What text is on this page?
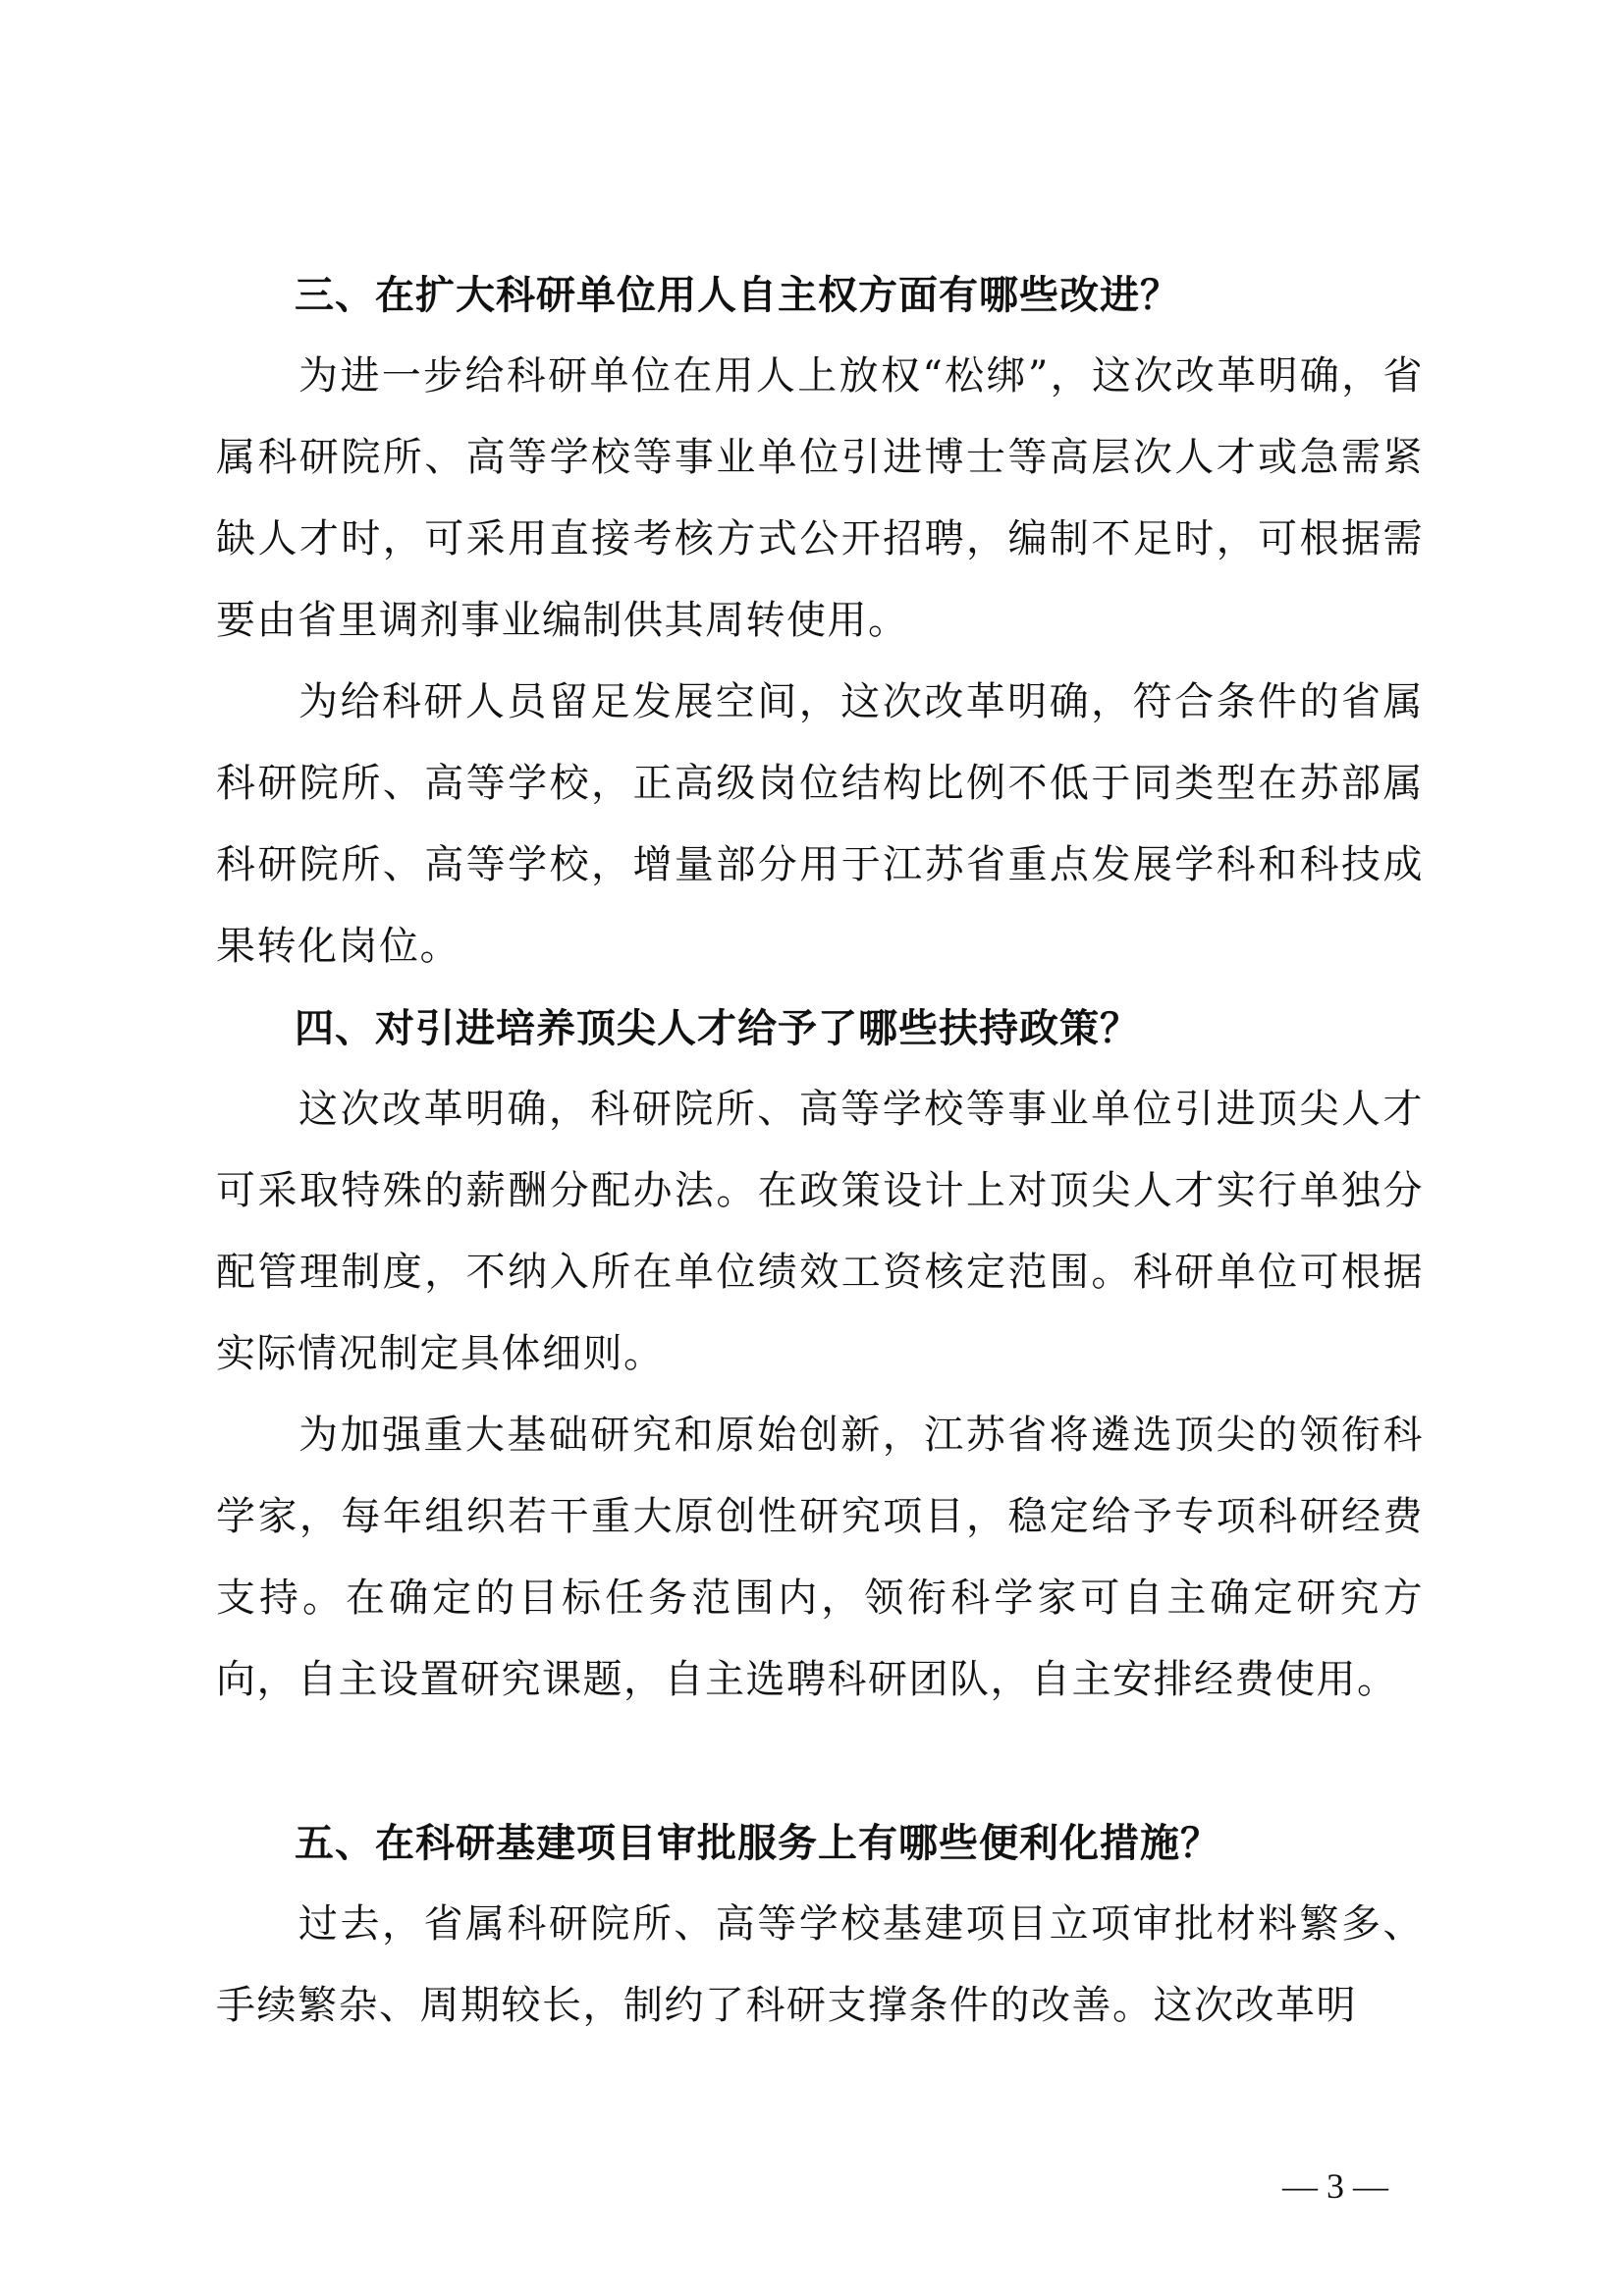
三、在扩大科研单位用人自主权方面有哪些改进？

为进一步给科研单位在用人上放权“松绑”，这次改革明确，省属科研院所、高等学校等事业单位引进博士等高层次人才或急需紧缺人才时，可采用直接考核方式公开招聘，编制不足时，可根据需要由省里调剂事业编制供其周转使用。

为给科研人员留足发展空间，这次改革明确，符合条件的省属科研院所、高等学校，正高级岗位结构比例不低于同类型在苏部属科研院所、高等学校，增量部分用于江苏省重点发展学科和科技成果转化岗位。

四、对引进培养顶尖人才给予了哪些扶持政策？

这次改革明确，科研院所、高等学校等事业单位引进顶尖人才可采取特殊的薪酬分配办法。在政策设计上对顶尖人才实行单独分配管理制度，不纳入所在单位绩效工资核定范围。科研单位可根据实际情况制定具体细则。

为加强重大基础研究和原始创新，江苏省将遴选顶尖的领衔科学家，每年组织若干重大原创性研究项目，稳定给予专项科研经费支持。在确定的目标任务范围内，领衔科学家可自主确定研究方向，自主设置研究课题，自主选聘科研团队，自主安排经费使用。

五、在科研基建项目审批服务上有哪些便利化措施？

过去，省属科研院所、高等学校基建项目立项审批材料繁多、手续繁杂、周期较长，制约了科研支撑条件的改善。这次改革明

— 3 —
